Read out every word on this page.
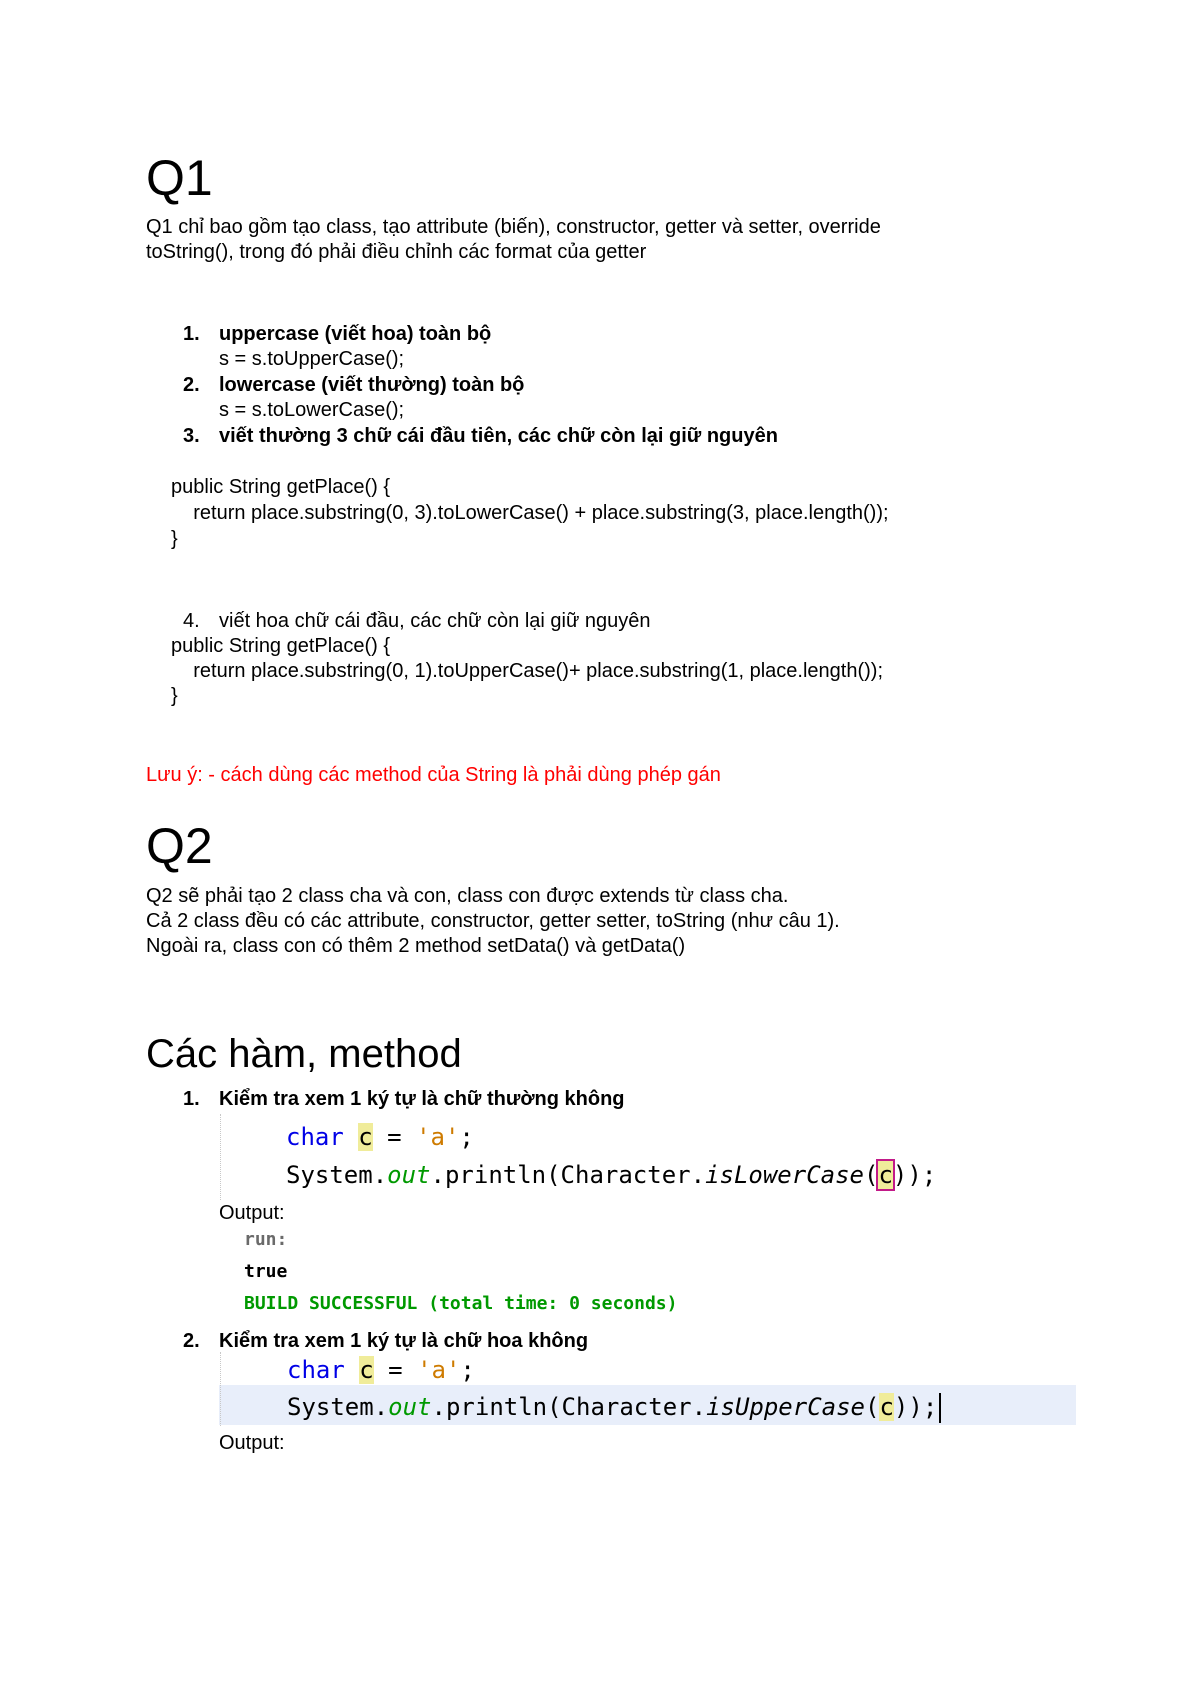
Q1
Q1 chỉ bao gồm tạo class, tạo attribute (biến), constructor, getter và setter, override
toString(), trong đó phải điều chỉnh các format của getter
1. uppercase (viết hoa) toàn bộ
s = s.toUpperCase();
2. lowercase (viết thường) toàn bộ
s = s.toLowerCase();
3. viết thường 3 chữ cái đầu tiên, các chữ còn lại giữ nguyên
public String getPlace() {
return place.substring(0, 3).toLowerCase() + place.substring(3, place.length());
}
4. viết hoa chữ cái đầu, các chữ còn lại giữ nguyên
public String getPlace() {
return place.substring(0, 1).toUpperCase()+ place.substring(1, place.length());
}
Lưu ý: - cách dùng các method của String là phải dùng phép gán
Q2
Q2 sẽ phải tạo 2 class cha và con, class con được extends từ class cha.
Cả 2 class đều có các attribute, constructor, getter setter, toString (như câu 1).
Ngoài ra, class con có thêm 2 method setData() và getData()
Các hàm, method
1. Kiểm tra xem 1 ký tự là chữ thường không
char c = 'a';
System.out.println(Character.isLowerCase(c));
Output:
run:
true
BUILD SUCCESSFUL (total time: 0 seconds)
2. Kiểm tra xem 1 ký tự là chữ hoa không
char c = 'a';
System.out.println(Character.isUpperCase(c));
Output:
